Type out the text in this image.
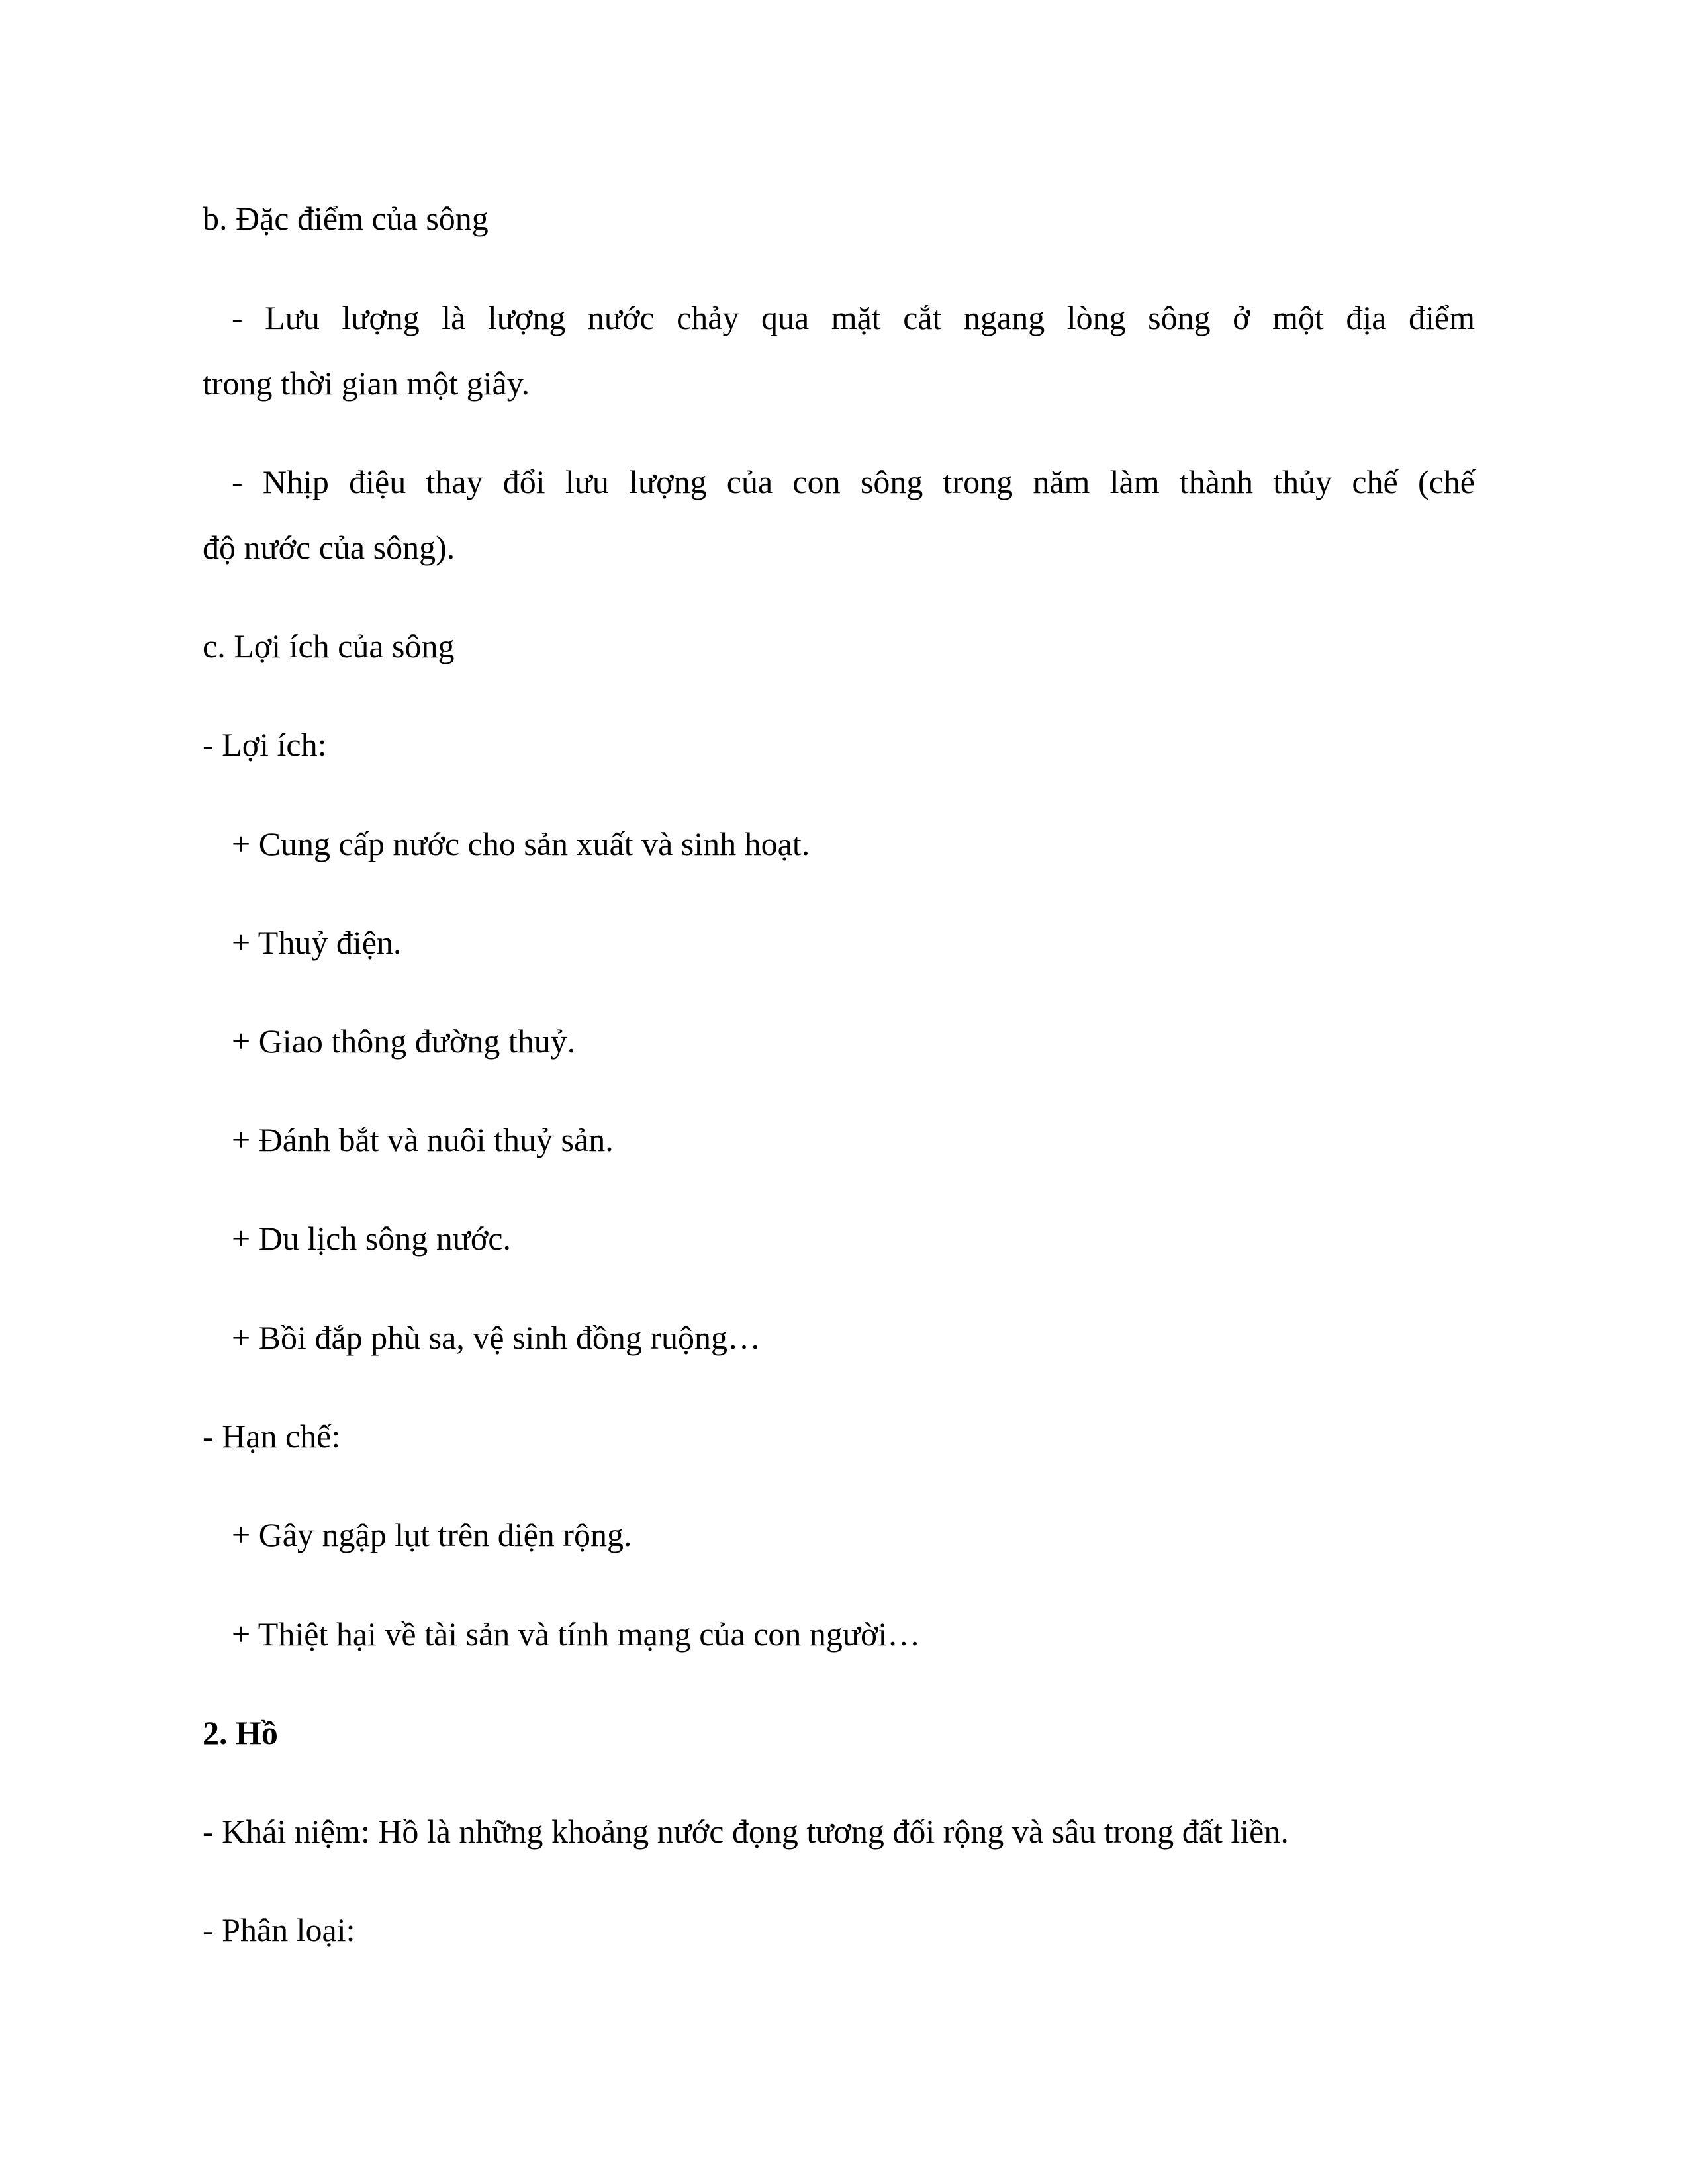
b. Đặc điểm của sông
- Lưu lượng là lượng nước chảy qua mặt cắt ngang lòng sông ở một địa điểm
trong thời gian một giây.
- Nhịp điệu thay đổi lưu lượng của con sông trong năm làm thành thủy chế (chế
độ nước của sông).
c. Lợi ích của sông
- Lợi ích:
+ Cung cấp nước cho sản xuất và sinh hoạt.
+ Thuỷ điện.
+ Giao thông đường thuỷ.
+ Đánh bắt và nuôi thuỷ sản.
+ Du lịch sông nước.
+ Bồi đắp phù sa, vệ sinh đồng ruộng…
- Hạn chế:
+ Gây ngập lụt trên diện rộng.
+ Thiệt hại về tài sản và tính mạng của con người…
2. Hồ
- Khái niệm: Hồ là những khoảng nước đọng tương đối rộng và sâu trong đất liền.
- Phân loại:
